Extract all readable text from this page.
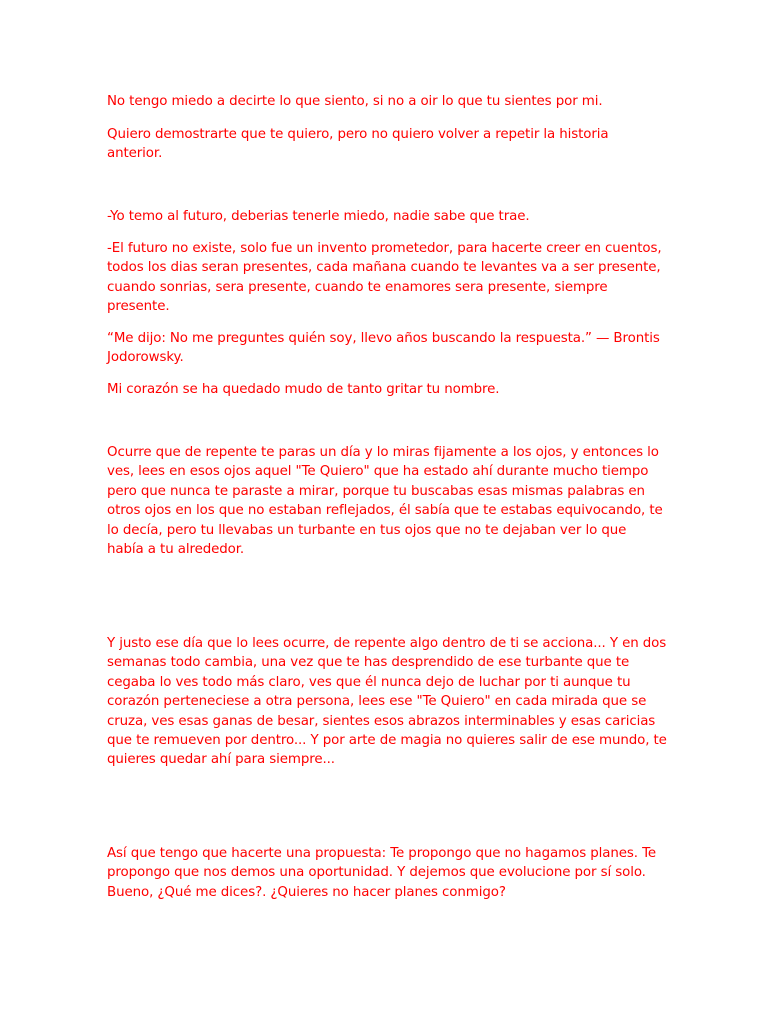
No tengo miedo a decirte lo que siento, si no a oir lo que tu sientes por mi.

Quiero demostrarte que te quiero, pero no quiero volver a repetir la historia anterior.

-Yo temo al futuro, deberias tenerle miedo, nadie sabe que trae.

-El futuro no existe, solo fue un invento prometedor, para hacerte creer en cuentos, todos los dias seran presentes, cada mañana cuando te levantes va a ser presente, cuando sonrias, sera presente, cuando te enamores sera presente, siempre presente.

“Me dijo: No me preguntes quién soy, llevo años buscando la respuesta.” — Brontis Jodorowsky.

Mi corazón se ha quedado mudo de tanto gritar tu nombre.

Ocurre que de repente te paras un día y lo miras fijamente a los ojos, y entonces lo ves, lees en esos ojos aquel "Te Quiero" que ha estado ahí durante mucho tiempo pero que nunca te paraste a mirar, porque tu buscabas esas mismas palabras en otros ojos en los que no estaban reflejados, él sabía que te estabas equivocando, te lo decía, pero tu llevabas un turbante en tus ojos que no te dejaban ver lo que había a tu alrededor.

Y justo ese día que lo lees ocurre, de repente algo dentro de ti se acciona... Y en dos semanas todo cambia, una vez que te has desprendido de ese turbante que te cegaba lo ves todo más claro, ves que él nunca dejo de luchar por ti aunque tu corazón perteneciese a otra persona, lees ese "Te Quiero" en cada mirada que se cruza, ves esas ganas de besar, sientes esos abrazos interminables y esas caricias que te remueven por dentro... Y por arte de magia no quieres salir de ese mundo, te quieres quedar ahí para siempre...

Así que tengo que hacerte una propuesta: Te propongo que no hagamos planes. Te propongo que nos demos una oportunidad. Y dejemos que evolucione por sí solo. Bueno, ¿Qué me dices?. ¿Quieres no hacer planes conmigo?
